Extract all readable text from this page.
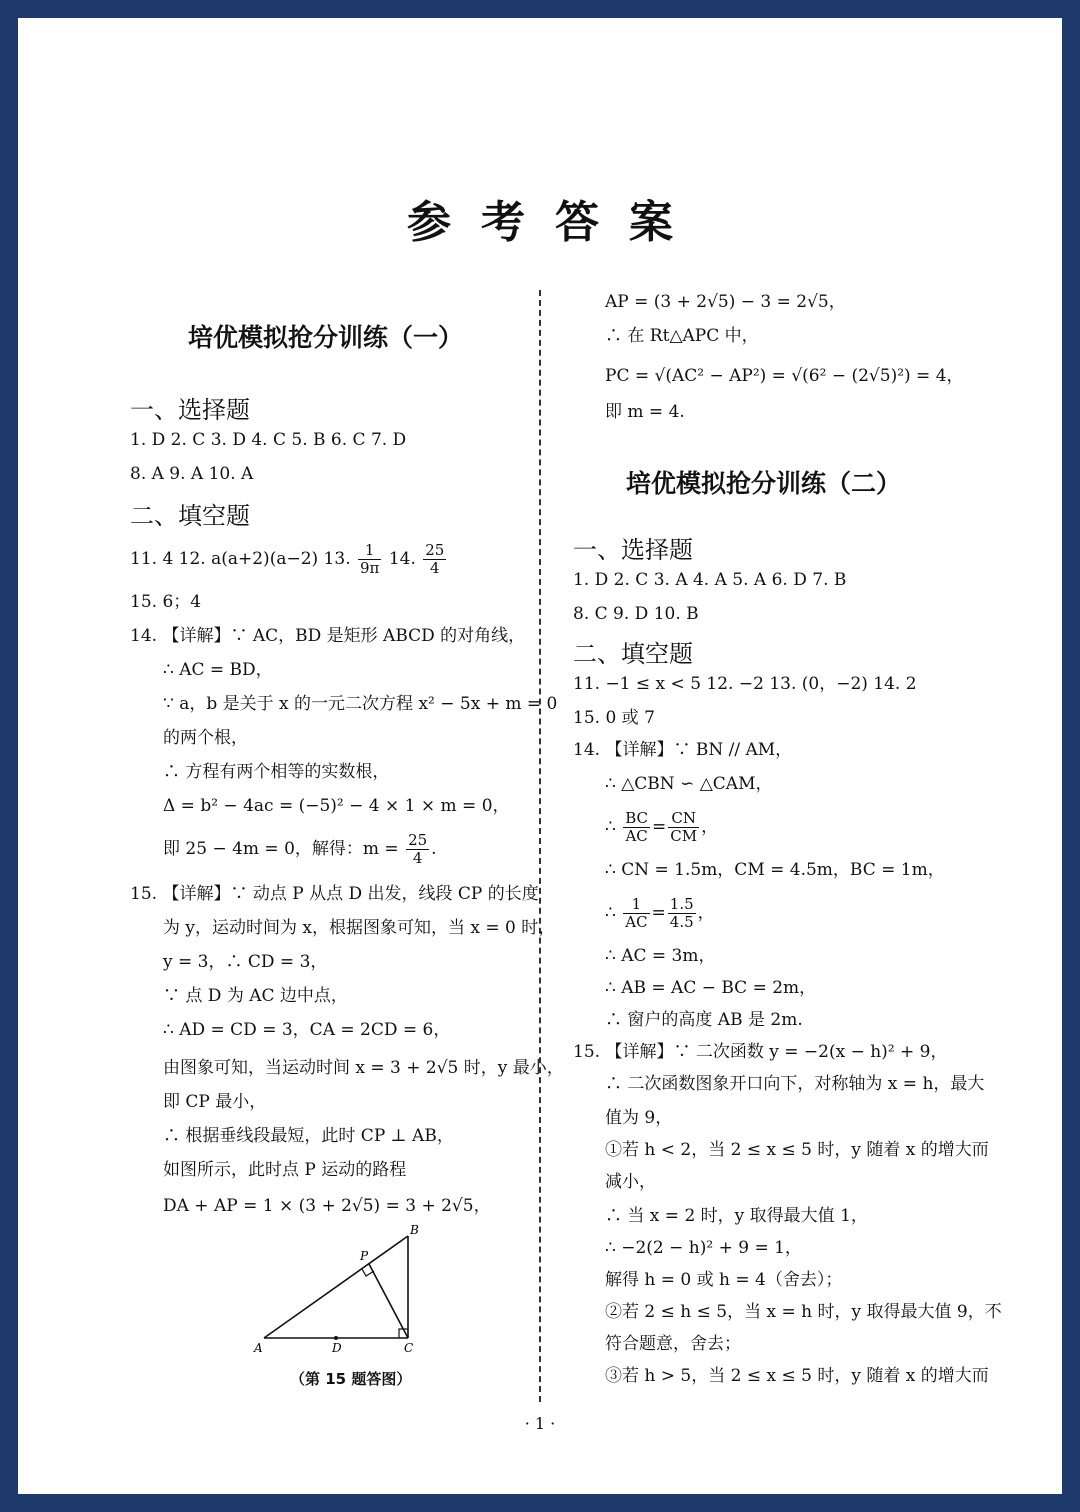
参考答案
培优模拟抢分训练（一）
一、选择题
1. D 2. C 3. D 4. C 5. B 6. C 7. D
8. A 9. A 10. A
二、填空题
11. 4 12. a(a+2)(a−2) 13. $\frac{1}{9\pi} 14$. $\frac{25}{4}$
15. 6；4
14. 【详解】∵ AC，BD 是矩形 ABCD 的对角线，
∴ AC = BD，
∵ a，b 是关于 x 的一元二次方程 x² − 5x + m = 0
的两个根，
∴ 方程有两个相等的实数根，
Δ = b² − 4ac = (−5)² − 4 × 1 × m = 0，
即 25 − 4m = 0，解得：$m = \frac{25}{4}$ .
15. 【详解】∵ 动点 P 从点 D 出发，线段 CP 的长度
为 y，运动时间为 x，根据图象可知，当 x = 0 时，
y = 3，∴ CD = 3，
∵ 点 D 为 AC 边中点，
∴ AD = CD = 3，CA = 2CD = 6，
由图象可知，当运动时间 x = 3 + 2√5 时，y 最小，
即 CP 最小，
∴ 根据垂线段最短，此时 CP ⊥ AB，
如图所示，此时点 P 运动的路程
DA + AP = 1 × (3 + 2√5) = 3 + 2√5，
A
B
C
D
P
（第 15 题答图）
AP = (3 + 2√5) − 3 = 2√5，
∴ 在 Rt△APC 中，
PC = √(AC² − AP²) = √(6² − (2√5)²) = 4，
即 m = 4.
培优模拟抢分训练（二）
一、选择题
1. D 2. C 3. A 4. A 5. A 6. D 7. B
8. C 9. D 10. B
二、填空题
11. −1 ≤ x < 5 12. −2 13. (0，−2) 14. 2
15. 0 或 7
14. 【详解】∵ BN // AM，
∴ △CBN ∽ △CAM，
∴ $\frac{BC}{AC} = \frac{CN}{CM}$ ，
∴ CN = 1.5m，CM = 4.5m，BC = 1m，
∴ $\frac{1}{AC} = \frac{1.5}{4.5}$ ，
∴ AC = 3m，
∴ AB = AC − BC = 2m，
∴ 窗户的高度 AB 是 2m.
15. 【详解】∵ 二次函数 y = −2(x − h)² + 9，
∴ 二次函数图象开口向下，对称轴为 x = h，最大
值为 9，
①若 h < 2，当 2 ≤ x ≤ 5 时，y 随着 x 的增大而
减小，
∴ 当 x = 2 时，y 取得最大值 1，
∴ −2(2 − h)² + 9 = 1，
解得 h = 0 或 h = 4（舍去）；
②若 2 ≤ h ≤ 5，当 x = h 时，y 取得最大值 9，不
符合题意，舍去；
③若 h > 5，当 2 ≤ x ≤ 5 时，y 随着 x 的增大而
· 1 ·
